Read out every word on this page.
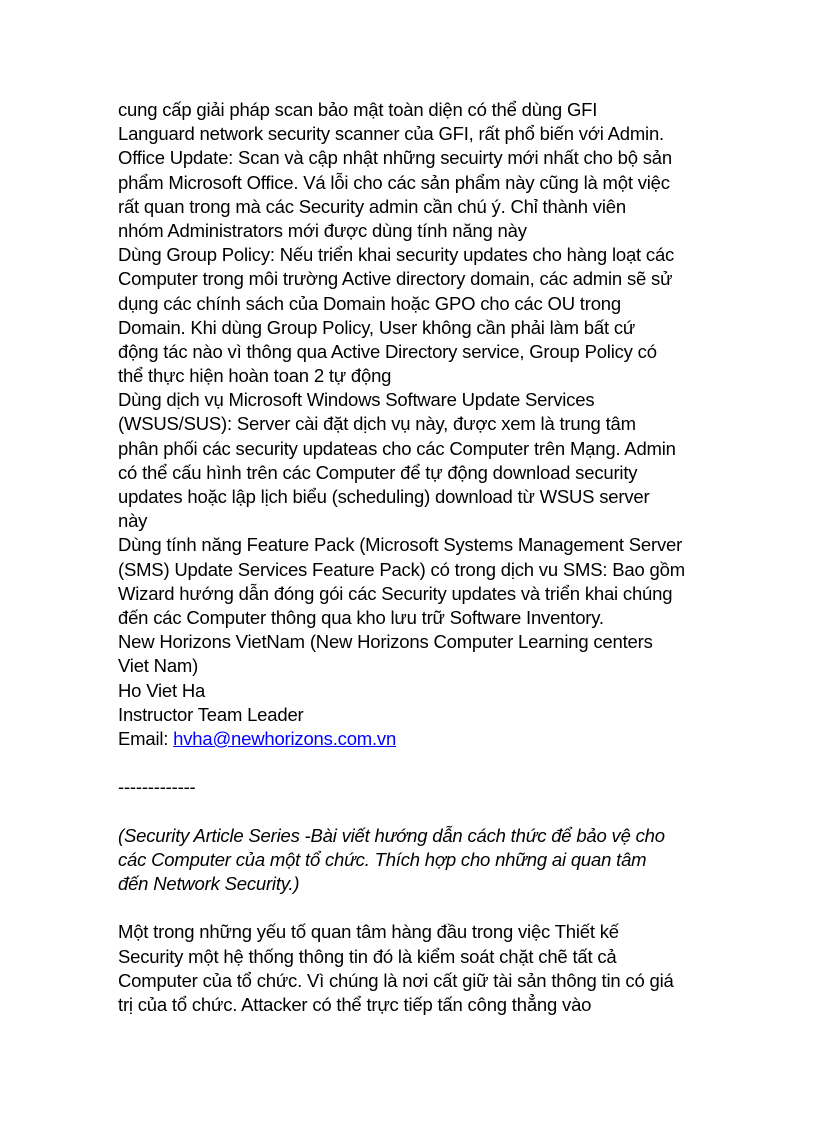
cung cấp giải pháp scan bảo mật toàn diện có thể dùng GFI
Languard network security scanner của GFI, rất phổ biến với Admin.
Office Update: Scan và cập nhật những secuirty mới nhất cho bộ sản
phẩm Microsoft Office. Vá lỗi cho các sản phẩm này cũng là một việc
rất quan trong mà các Security admin cần chú ý. Chỉ thành viên
nhóm Administrators mới được dùng tính năng này
Dùng Group Policy: Nếu triển khai security updates cho hàng loạt các
Computer trong môi trường Active directory domain, các admin sẽ sử
dụng các chính sách của Domain hoặc GPO cho các OU trong
Domain. Khi dùng Group Policy, User không cần phải làm bất cứ
động tác nào vì thông qua Active Directory service, Group Policy có
thể thực hiện hoàn toan 2 tự động
Dùng dịch vụ Microsoft Windows Software Update Services
(WSUS/SUS): Server cài đặt dịch vụ này, được xem là trung tâm
phân phối các security updateas cho các Computer trên Mạng. Admin
có thể cấu hình trên các Computer để tự động download security
updates hoặc lập lịch biểu (scheduling) download từ WSUS server
này
Dùng tính năng Feature Pack (Microsoft Systems Management Server
(SMS) Update Services Feature Pack) có trong dịch vu SMS: Bao gồm
Wizard hướng dẫn đóng gói các Security updates và triển khai chúng
đến các Computer thông qua kho lưu trữ Software Inventory.
New Horizons VietNam (New Horizons Computer Learning centers
Viet Nam)
Ho Viet Ha
Instructor Team Leader
Email: hvha@newhorizons.com.vn

-------------

(Security Article Series -Bài viết hướng dẫn cách thức để bảo vệ cho
các Computer của một tổ chức. Thích hợp cho những ai quan tâm
đến Network Security.)

Một trong những yếu tố quan tâm hàng đầu trong việc Thiết kế
Security một hệ thống thông tin đó là kiểm soát chặt chẽ tất cả
Computer của tổ chức. Vì chúng là nơi cất giữ tài sản thông tin có giá
trị của tổ chức. Attacker có thể trực tiếp tấn công thẳng vào
